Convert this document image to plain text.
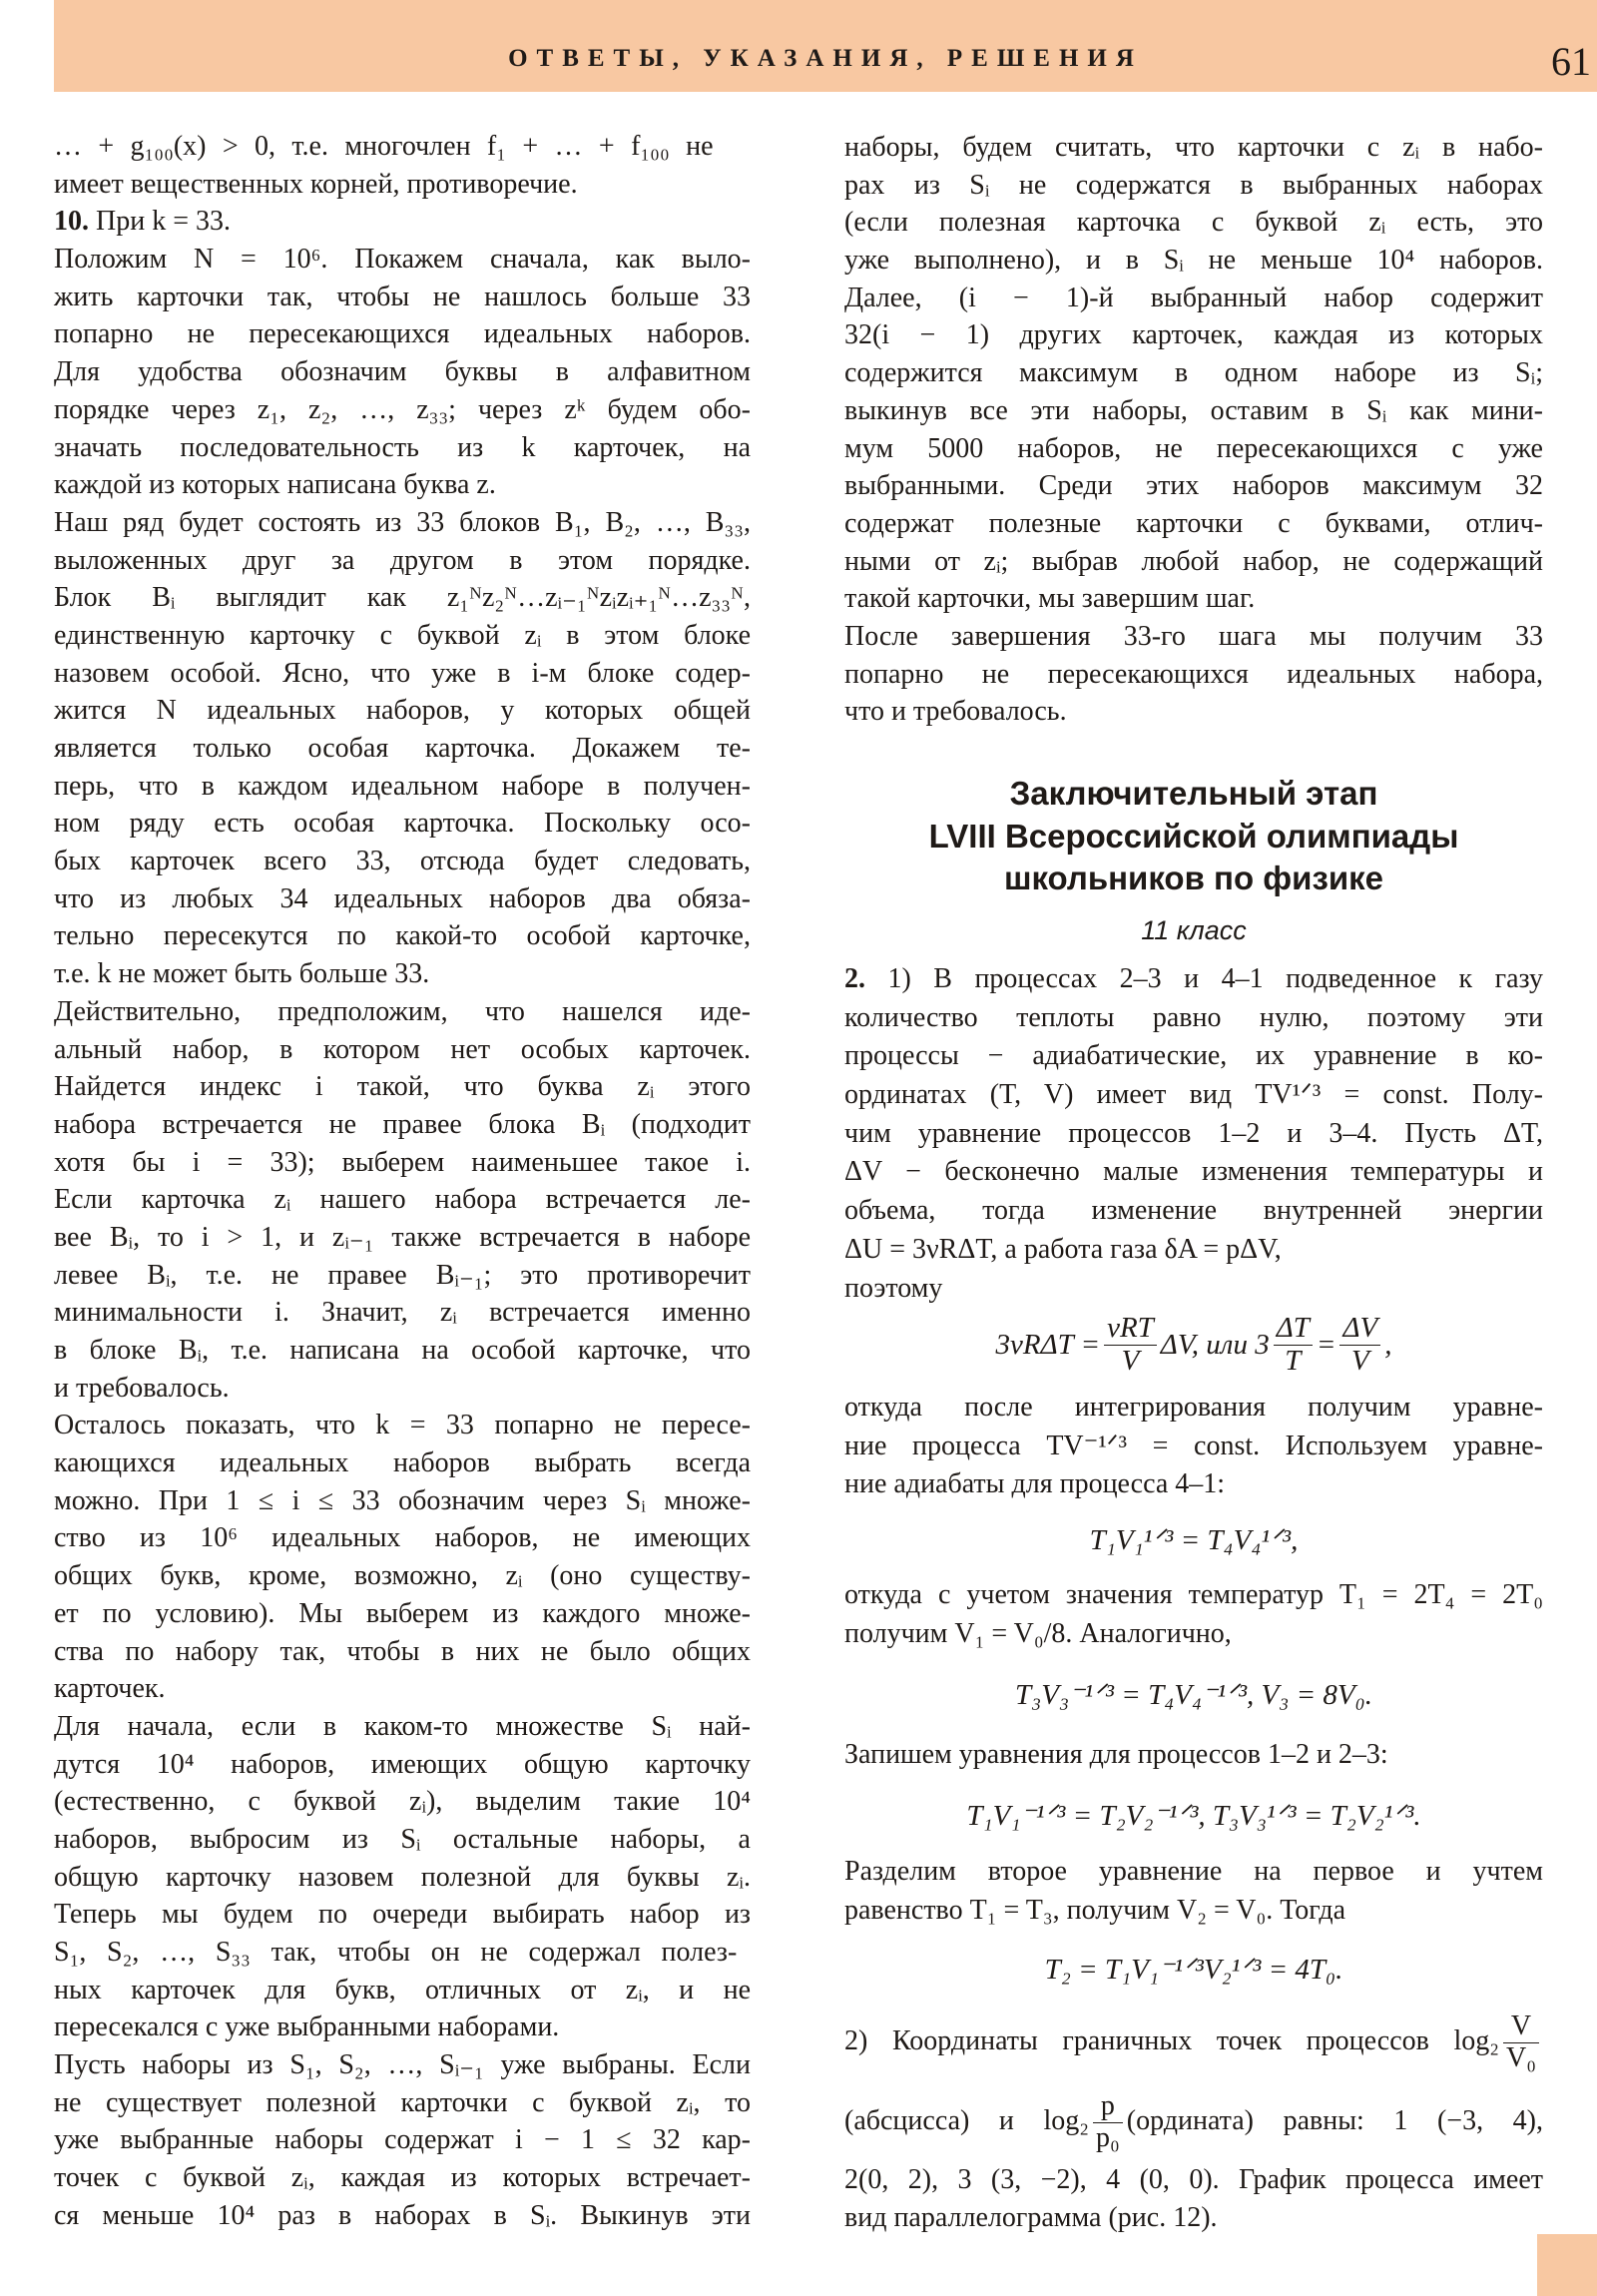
ОТВЕТЫ, УКАЗАНИЯ, РЕШЕНИЯ	61
… + g₁₀₀(x) > 0, т.е. многочлен f₁ + … + f₁₀₀ не
имеет вещественных корней, противоречие.
10. При k = 33.
Положим N = 10⁶. Покажем сначала, как выло-
жить карточки так, чтобы не нашлось больше 33
попарно не пересекающихся идеальных наборов.
Для удобства обозначим буквы в алфавитном
порядке через z₁, z₂, …, z₃₃; через zᵏ будем обо-
значать последовательность из k карточек, на
каждой из которых написана буква z.
Наш ряд будет состоять из 33 блоков B₁, B₂, …, B₃₃,
выложенных друг за другом в этом порядке.
Блок Bᵢ выглядит как z₁ᴺz₂ᴺ…zᵢ₋₁ᴺzᵢzᵢ₊₁ᴺ…z₃₃ᴺ,
единственную карточку с буквой zᵢ в этом блоке
назовем особой. Ясно, что уже в i-м блоке содер-
жится N идеальных наборов, у которых общей
является только особая карточка. Докажем те-
перь, что в каждом идеальном наборе в получен-
ном ряду есть особая карточка. Поскольку осо-
бых карточек всего 33, отсюда будет следовать,
что из любых 34 идеальных наборов два обяза-
тельно пересекутся по какой-то особой карточке,
т.е. k не может быть больше 33.
Действительно, предположим, что нашелся иде-
альный набор, в котором нет особых карточек.
Найдется индекс i такой, что буква zᵢ этого
набора встречается не правее блока Bᵢ (подходит
хотя бы i = 33); выберем наименьшее такое i.
Если карточка zᵢ нашего набора встречается ле-
вее Bᵢ, то i > 1, и zᵢ₋₁ также встречается в наборе
левее Bᵢ, т.е. не правее Bᵢ₋₁; это противоречит
минимальности i. Значит, zᵢ встречается именно
в блоке Bᵢ, т.е. написана на особой карточке, что
и требовалось.
Осталось показать, что k = 33 попарно не пересе-
кающихся идеальных наборов выбрать всегда
можно. При 1 ≤ i ≤ 33 обозначим через Sᵢ множе-
ство из 10⁶ идеальных наборов, не имеющих
общих букв, кроме, возможно, zᵢ (оно существу-
ет по условию). Мы выберем из каждого множе-
ства по набору так, чтобы в них не было общих
карточек.
Для начала, если в каком-то множестве Sᵢ най-
дутся 10⁴ наборов, имеющих общую карточку
(естественно, с буквой zᵢ), выделим такие 10⁴
наборов, выбросим из Sᵢ остальные наборы, а
общую карточку назовем полезной для буквы zᵢ.
Теперь мы будем по очереди выбирать набор из
S₁, S₂, …, S₃₃ так, чтобы он не содержал полез-
ных карточек для букв, отличных от zᵢ, и не
пересекался с уже выбранными наборами.
Пусть наборы из S₁, S₂, …, Sᵢ₋₁ уже выбраны. Если
не существует полезной карточки с буквой zᵢ, то
уже выбранные наборы содержат i − 1 ≤ 32 кар-
точек с буквой zᵢ, каждая из которых встречает-
ся меньше 10⁴ раз в наборах в Sᵢ. Выкинув эти
наборы, будем считать, что карточки с zᵢ в набо-
рах из Sᵢ не содержатся в выбранных наборах
(если полезная карточка с буквой zᵢ есть, это
уже выполнено), и в Sᵢ не меньше 10⁴ наборов.
Далее, (i − 1)-й выбранный набор содержит
32(i − 1) других карточек, каждая из которых
содержится максимум в одном наборе из Sᵢ;
выкинув все эти наборы, оставим в Sᵢ как мини-
мум 5000 наборов, не пересекающихся с уже
выбранными. Среди этих наборов максимум 32
содержат полезные карточки с буквами, отлич-
ными от zᵢ; выбрав любой набор, не содержащий
такой карточки, мы завершим шаг.
После завершения 33-го шага мы получим 33
попарно не пересекающихся идеальных набора,
что и требовалось.
Заключительный этап
LVIII Всероссийской олимпиады
школьников по физике
11 класс
2. 1) В процессах 2–3 и 4–1 подведенное к газу
количество теплоты равно нулю, поэтому эти
процессы − адиабатические, их уравнение в ко-
ординатах (T, V) имеет вид TV¹ᐟ³ = const. Полу-
чим уравнение процессов 1–2 и 3–4. Пусть ΔT,
ΔV − бесконечно малые изменения температуры и
объема, тогда изменение внутренней энергии
ΔU = 3νRΔT, а работа газа δA = pΔV,
поэтому
$3\nu R\Delta T = \frac{\text{νRT}}{V} \Delta V$, или $3 \frac{\Delta T}{T} = \frac{\Delta V}{V}$ ,
откуда после интегрирования получим уравне-
ние процесса TV⁻¹ᐟ³ = const. Используем уравне-
ние адиабаты для процесса 4–1:
T₁V₁¹ᐟ³ = T₄V₄¹ᐟ³,
откуда с учетом значения температур T₁ = 2T₄ = 2T₀
получим V₁ = V₀/8. Аналогично,
T₃V₃⁻¹ᐟ³ = T₄V₄⁻¹ᐟ³, V₃ = 8V₀.
Запишем уравнения для процессов 1–2 и 2–3:
T₁V₁⁻¹ᐟ³ = T₂V₂⁻¹ᐟ³, T₃V₃¹ᐟ³ = T₂V₂¹ᐟ³.
Разделим второе уравнение на первое и учтем
равенство T₁ = T₃, получим V₂ = V₀. Тогда
T₂ = T₁V₁⁻¹ᐟ³V₂¹ᐟ³ = 4T₀.
2) Координаты граничных точек процессов $\log_2 \frac{V}{\text{V₀}}$
(абсцисса) и $\log_2 \frac{p}{\text{p₀}}$ (ордината) равны: 1 (−3, 4),
2(0, 2), 3 (3, −2), 4 (0, 0). График процесса имеет
вид параллелограмма (рис. 12).
